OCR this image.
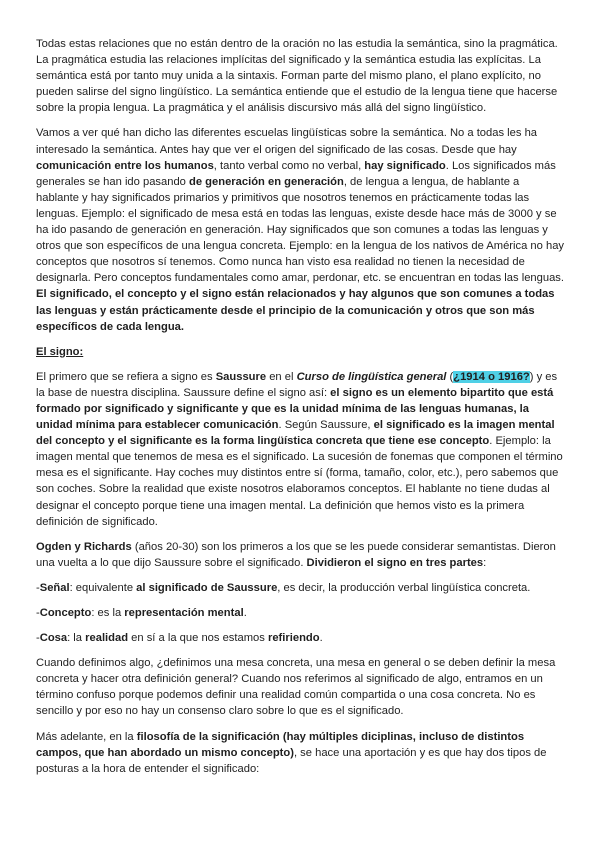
Todas estas relaciones que no están dentro de la oración no las estudia la semántica, sino la pragmática. La pragmática estudia las relaciones implícitas del significado y la semántica estudia las explícitas. La semántica está por tanto muy unida a la sintaxis. Forman parte del mismo plano, el plano explícito, no pueden salirse del signo lingüístico. La semántica entiende que el estudio de la lengua tiene que hacerse sobre la propia lengua. La pragmática y el análisis discursivo más allá del signo lingüístico.

Vamos a ver qué han dicho las diferentes escuelas lingüísticas sobre la semántica. No a todas les ha interesado la semántica. Antes hay que ver el origen del significado de las cosas. Desde que hay comunicación entre los humanos, tanto verbal como no verbal, hay significado. Los significados más generales se han ido pasando de generación en generación, de lengua a lengua, de hablante a hablante y hay significados primarios y primitivos que nosotros tenemos en prácticamente todas las lenguas. Ejemplo: el significado de mesa está en todas las lenguas, existe desde hace más de 3000 y se ha ido pasando de generación en generación. Hay significados que son comunes a todas las lenguas y otros que son específicos de una lengua concreta. Ejemplo: en la lengua de los nativos de América no hay conceptos que nosotros sí tenemos. Como nunca han visto esa realidad no tienen la necesidad de designarla. Pero conceptos fundamentales como amar, perdonar, etc. se encuentran en todas las lenguas. El significado, el concepto y el signo están relacionados y hay algunos que son comunes a todas las lenguas y están prácticamente desde el principio de la comunicación y otros que son más específicos de cada lengua.

El signo:

El primero que se refiera a signo es Saussure en el Curso de lingüística general (¿1914 o 1916?) y es la base de nuestra disciplina. Saussure define el signo así: el signo es un elemento bipartito que está formado por significado y significante y que es la unidad mínima de las lenguas humanas, la unidad mínima para establecer comunicación. Según Saussure, el significado es la imagen mental del concepto y el significante es la forma lingüística concreta que tiene ese concepto. Ejemplo: la imagen mental que tenemos de mesa es el significado. La sucesión de fonemas que componen el término mesa es el significante. Hay coches muy distintos entre sí (forma, tamaño, color, etc.), pero sabemos que son coches. Sobre la realidad que existe nosotros elaboramos conceptos. El hablante no tiene dudas al designar el concepto porque tiene una imagen mental. La definición que hemos visto es la primera definición de significado.

Ogden y Richards (años 20-30) son los primeros a los que se les puede considerar semantistas. Dieron una vuelta a lo que dijo Saussure sobre el significado. Dividieron el signo en tres partes:

-Señal: equivalente al significado de Saussure, es decir, la producción verbal lingüística concreta.

-Concepto: es la representación mental.

-Cosa: la realidad en sí a la que nos estamos refiriendo.

Cuando definimos algo, ¿definimos una mesa concreta, una mesa en general o se deben definir la mesa concreta y hacer otra definición general? Cuando nos referimos al significado de algo, entramos en un término confuso porque podemos definir una realidad común compartida o una cosa concreta. No es sencillo y por eso no hay un consenso claro sobre lo que es el significado.

Más adelante, en la filosofía de la significación (hay múltiples diciplinas, incluso de distintos campos, que han abordado un mismo concepto), se hace una aportación y es que hay dos tipos de posturas a la hora de entender el significado:
